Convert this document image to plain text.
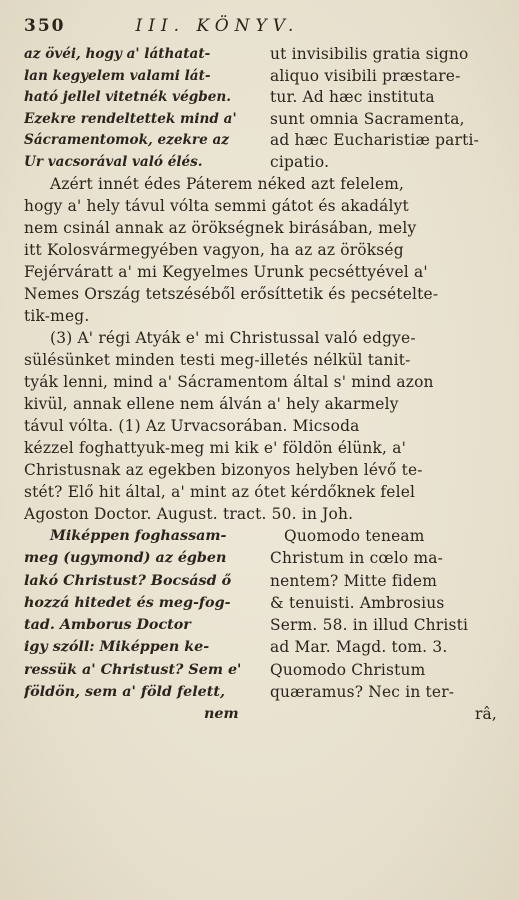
350	III. KÖNYV.
az övéi, hogy a' láthatat-
lan kegyelem valami lát-
ható jellel vitetnék végben.
Ezekre rendeltettek mind a'
Sácramentomok, ezekre az
Ur vacsorával való élés.
ut invisibilis gratia signo
aliquo visibili præstare-
tur. Ad hæc instituta
sunt omnia Sacramenta,
ad hæc Eucharistiæ parti-
cipatio.
Azért innét édes Páterem néked azt felelem,
hogy a' hely távul vólta semmi gátot és akadályt
nem csinál annak az örökségnek birásában, mely
itt Kolosvármegyében vagyon, ha az az örökség
Fejérváratt a' mi Kegyelmes Urunk pecséttyével a'
Nemes Ország tetszéséből erősíttetik és pecsételte-
tik-meg.
(3) A' régi Atyák e' mi Christussal való edgye-
sülésünket minden testi meg-illetés nélkül tanit-
tyák lenni, mind a' Sácramentom által s' mind azon
kivül, annak ellene nem álván a' hely akarmely
távul vólta. (1) Az Urvacsorában. Micsoda
kézzel foghattyuk-meg mi kik e' földön élünk, a'
Christusnak az egekben bizonyos helyben lévő te-
stét? Elő hit által, a' mint az ótet kérdőknek felel
Agoston Doctor. August. tract. 50. in Joh.
Miképpen foghassam-
meg (ugymond) az égben
lakó Christust? Bocsásd ő
hozzá hitedet és meg-fog-
tad. Amborus Doctor
igy szóll: Miképpen ke-
ressük a' Christust? Sem e'
földön, sem a' föld felett,
nem
Quomodo teneam
Christum in cœlo ma-
nentem? Mitte fidem
& tenuisti. Ambrosius
Serm. 58. in illud Christi
ad Mar. Magd. tom. 3.
Quomodo Christum
quæramus? Nec in ter-
râ,
